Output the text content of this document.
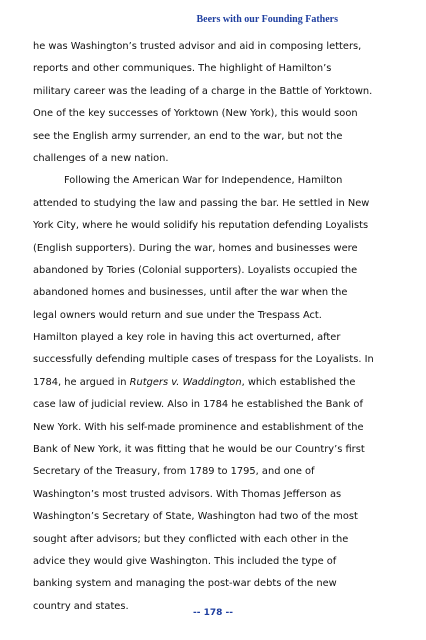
Beers with our Founding Fathers
he was Washington’s trusted advisor and aid in composing letters,
reports and other communiques. The highlight of Hamilton’s
military career was the leading of a charge in the Battle of Yorktown.
One of the key successes of Yorktown (New York), this would soon
see the English army surrender, an end to the war, but not the
challenges of a new nation.
Following the American War for Independence, Hamilton
attended to studying the law and passing the bar. He settled in New
York City, where he would solidify his reputation defending Loyalists
(English supporters). During the war, homes and businesses were
abandoned by Tories (Colonial supporters). Loyalists occupied the
abandoned homes and businesses, until after the war when the
legal owners would return and sue under the Trespass Act.
Hamilton played a key role in having this act overturned, after
successfully defending multiple cases of trespass for the Loyalists. In
1784, he argued in Rutgers v. Waddington, which established the
case law of judicial review. Also in 1784 he established the Bank of
New York. With his self-made prominence and establishment of the
Bank of New York, it was fitting that he would be our Country’s first
Secretary of the Treasury, from 1789 to 1795, and one of
Washington’s most trusted advisors. With Thomas Jefferson as
Washington’s Secretary of State, Washington had two of the most
sought after advisors; but they conflicted with each other in the
advice they would give Washington. This included the type of
banking system and managing the post-war debts of the new
country and states.
-- 178 --
